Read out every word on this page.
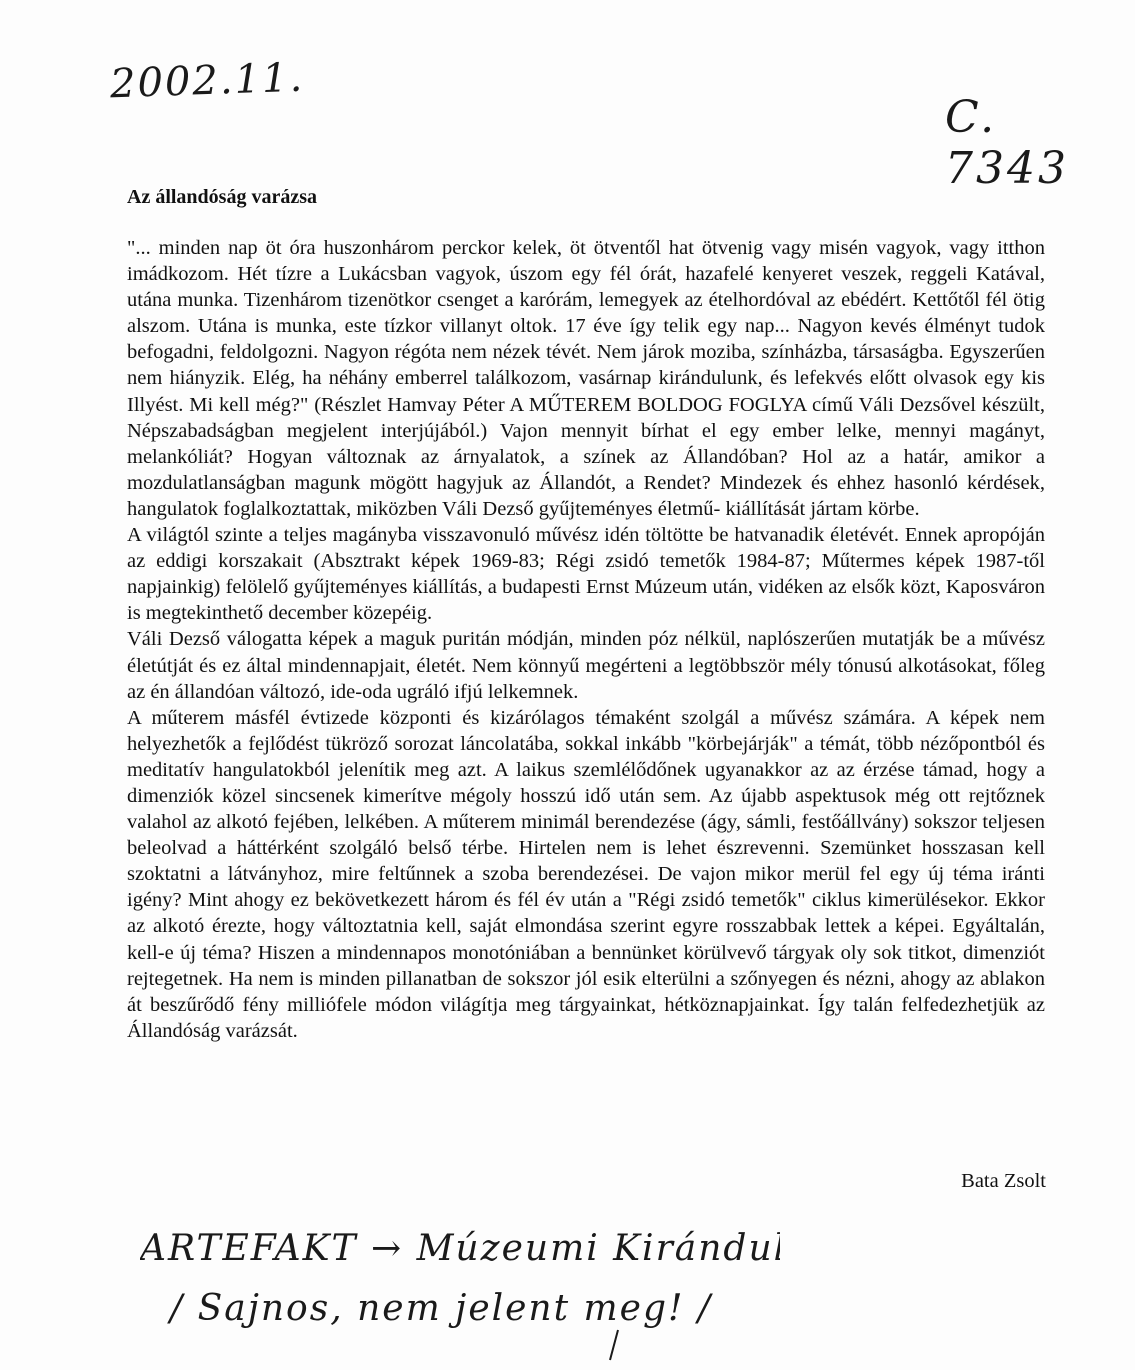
2002.11.
C. 7343
Az állandóság varázsa

"... minden nap öt óra huszonhárom perckor kelek, öt ötventől hat ötvenig vagy misén vagyok, vagy itthon imádkozom. Hét tízre a Lukácsban vagyok, úszom egy fél órát, hazafelé kenyeret veszek, reggeli Katával, utána munka. Tizenhárom tizenötkor csenget a karórám, lemegyek az ételhordóval az ebédért. Kettőtől fél ötig alszom. Utána is munka, este tízkor villanyt oltok. 17 éve így telik egy nap... Nagyon kevés élményt tudok befogadni, feldolgozni. Nagyon régóta nem nézek tévét. Nem járok moziba, színházba, társaságba. Egyszerűen nem hiányzik. Elég, ha néhány emberrel találkozom, vasárnap kirándulunk, és lefekvés előtt olvasok egy kis Illyést. Mi kell még?" (Részlet Hamvay Péter A MŰTEREM BOLDOG FOGLYA című Váli Dezsővel készült, Népszabadságban megjelent interjújából.) Vajon mennyit bírhat el egy ember lelke, mennyi magányt, melankóliát? Hogyan változnak az árnyalatok, a színek az Állandóban? Hol az a határ, amikor a mozdulatlanságban magunk mögött hagyjuk az Állandót, a Rendet? Mindezek és ehhez hasonló kérdések, hangulatok foglalkoztattak, miközben Váli Dezső gyűjteményes életmű- kiállítását jártam körbe.

A világtól szinte a teljes magányba visszavonuló művész idén töltötte be hatvanadik életévét. Ennek apropóján az eddigi korszakait (Absztrakt képek 1969-83; Régi zsidó temetők 1984-87; Műtermes képek 1987-től napjainkig) felölelő gyűjteményes kiállítás, a budapesti Ernst Múzeum után, vidéken az elsők közt, Kaposváron is megtekinthető december közepéig.

Váli Dezső válogatta képek a maguk puritán módján, minden póz nélkül, naplószerűen mutatják be a művész életútját és ez által mindennapjait, életét. Nem könnyű megérteni a legtöbbször mély tónusú alkotásokat, főleg az én állandóan változó, ide-oda ugráló ifjú lelkemnek.

A műterem másfél évtizede központi és kizárólagos témaként szolgál a művész számára. A képek nem helyezhetők a fejlődést tükröző sorozat láncolatába, sokkal inkább "körbejárják" a témát, több nézőpontból és meditatív hangulatokból jelenítik meg azt. A laikus szemlélődőnek ugyanakkor az az érzése támad, hogy a dimenziók közel sincsenek kimerítve mégoly hosszú idő után sem. Az újabb aspektusok még ott rejtőznek valahol az alkotó fejében, lelkében. A műterem minimál berendezése (ágy, sámli, festőállvány) sokszor teljesen beleolvad a háttérként szolgáló belső térbe. Hirtelen nem is lehet észrevenni. Szemünket hosszasan kell szoktatni a látványhoz, mire feltűnnek a szoba berendezései. De vajon mikor merül fel egy új téma iránti igény? Mint ahogy ez bekövetkezett három és fél év után a "Régi zsidó temetők" ciklus kimerülésekor. Ekkor az alkotó érezte, hogy változtatnia kell, saját elmondása szerint egyre rosszabbak lettek a képei. Egyáltalán, kell-e új téma? Hiszen a mindennapos monotóniában a bennünket körülvevő tárgyak oly sok titkot, dimenziót rejtegetnek. Ha nem is minden pillanatban de sokszor jól esik elterülni a szőnyegen és nézni, ahogy az ablakon át beszűrődő fény milliófele módon világítja meg tárgyainkat, hétköznapjainkat. Így talán felfedezhetjük az Állandóság varázsát.

Bata Zsolt
ARTEFAKT → Múzeumi Kirándulás
/ Sajnos, nem jelent meg! /
